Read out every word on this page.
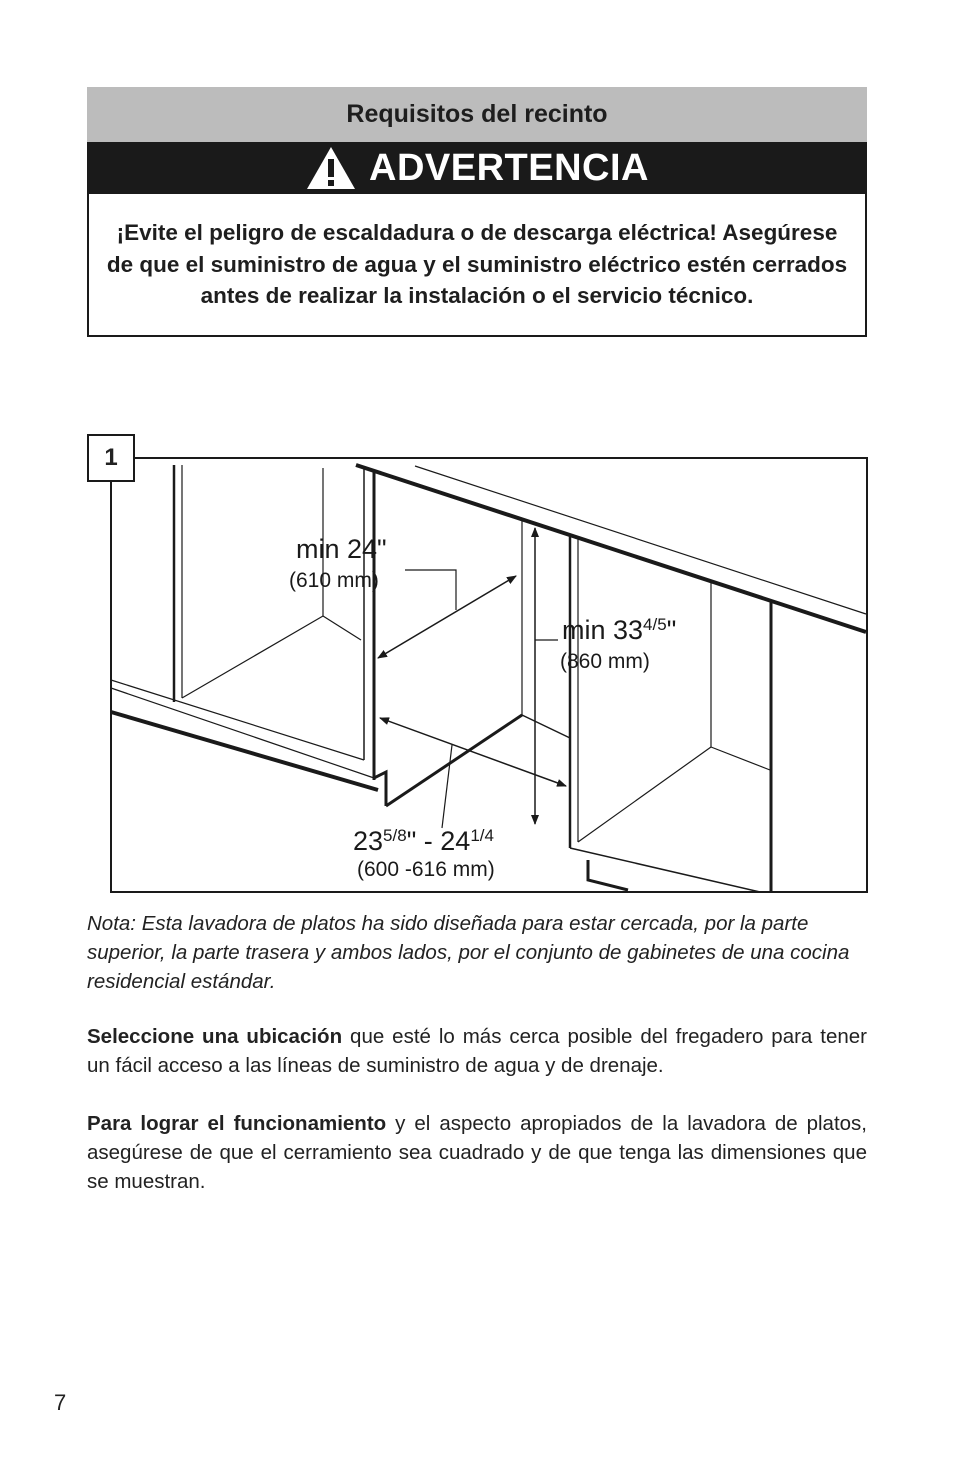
Requisitos del recinto
ADVERTENCIA
¡Evite el peligro de escaldadura o de descarga eléctrica! Asegúrese de que el suministro de agua y el suministro eléctrico estén cerrados antes de realizar la instalación o el servicio técnico.
1
min 24"
(610 mm)
$\min 33^{4/5}$"
(860 mm)
$23^{5/8}$" - $24^{1/4}$
(600 -616 mm)
Nota: Esta lavadora de platos ha sido diseñada para estar cercada, por la parte superior, la parte trasera y ambos lados, por el conjunto de gabinetes de una cocina residencial estándar.
Seleccione una ubicación que esté lo más cerca posible del fregadero para tener un fácil acceso a las líneas de suministro de agua y de drenaje.
Para lograr el funcionamiento y el aspecto apropiados de la lavadora de platos, asegúrese de que el cerramiento sea cuadrado y de que tenga las dimensiones que se muestran.
7
